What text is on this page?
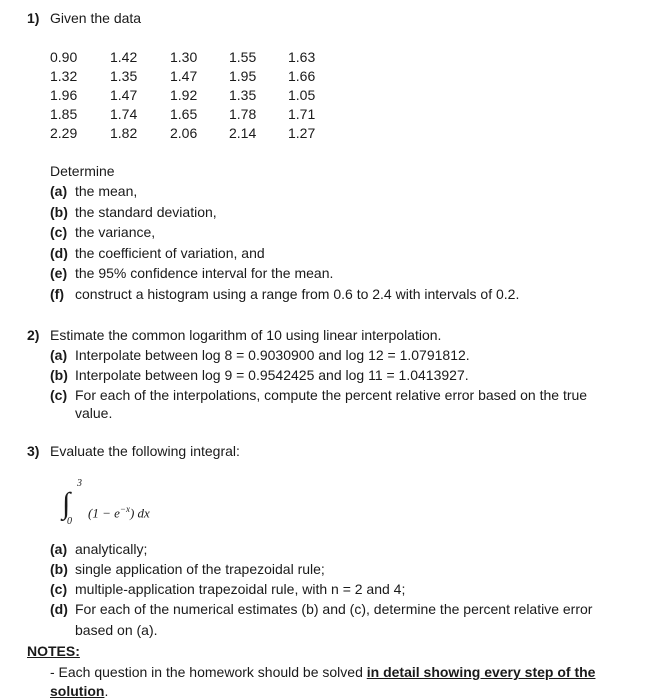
1) Given the data
0.90	1.42	1.30	1.55	1.63
1.32	1.35	1.47	1.95	1.66
1.96	1.47	1.92	1.35	1.05
1.85	1.74	1.65	1.78	1.71
2.29	1.82	2.06	2.14	1.27
Determine
(a) the mean,
(b) the standard deviation,
(c) the variance,
(d) the coefficient of variation, and
(e) the 95% confidence interval for the mean.
(f) construct a histogram using a range from 0.6 to 2.4 with intervals of 0.2.
2) Estimate the common logarithm of 10 using linear interpolation.
(a) Interpolate between log 8 = 0.9030900 and log 12 = 1.0791812.
(b) Interpolate between log 9 = 0.9542425 and log 11 = 1.0413927.
(c) For each of the interpolations, compute the percent relative error based on the true
value.
3) Evaluate the following integral:
∫
3
0
$(1 - e^{-x})$ dx
(a) analytically;
(b) single application of the trapezoidal rule;
(c) multiple-application trapezoidal rule, with n = 2 and 4;
(d) For each of the numerical estimates (b) and (c), determine the percent relative error
based on (a).
NOTES:
- Each question in the homework should be solved in detail showing every step of the
solution.
